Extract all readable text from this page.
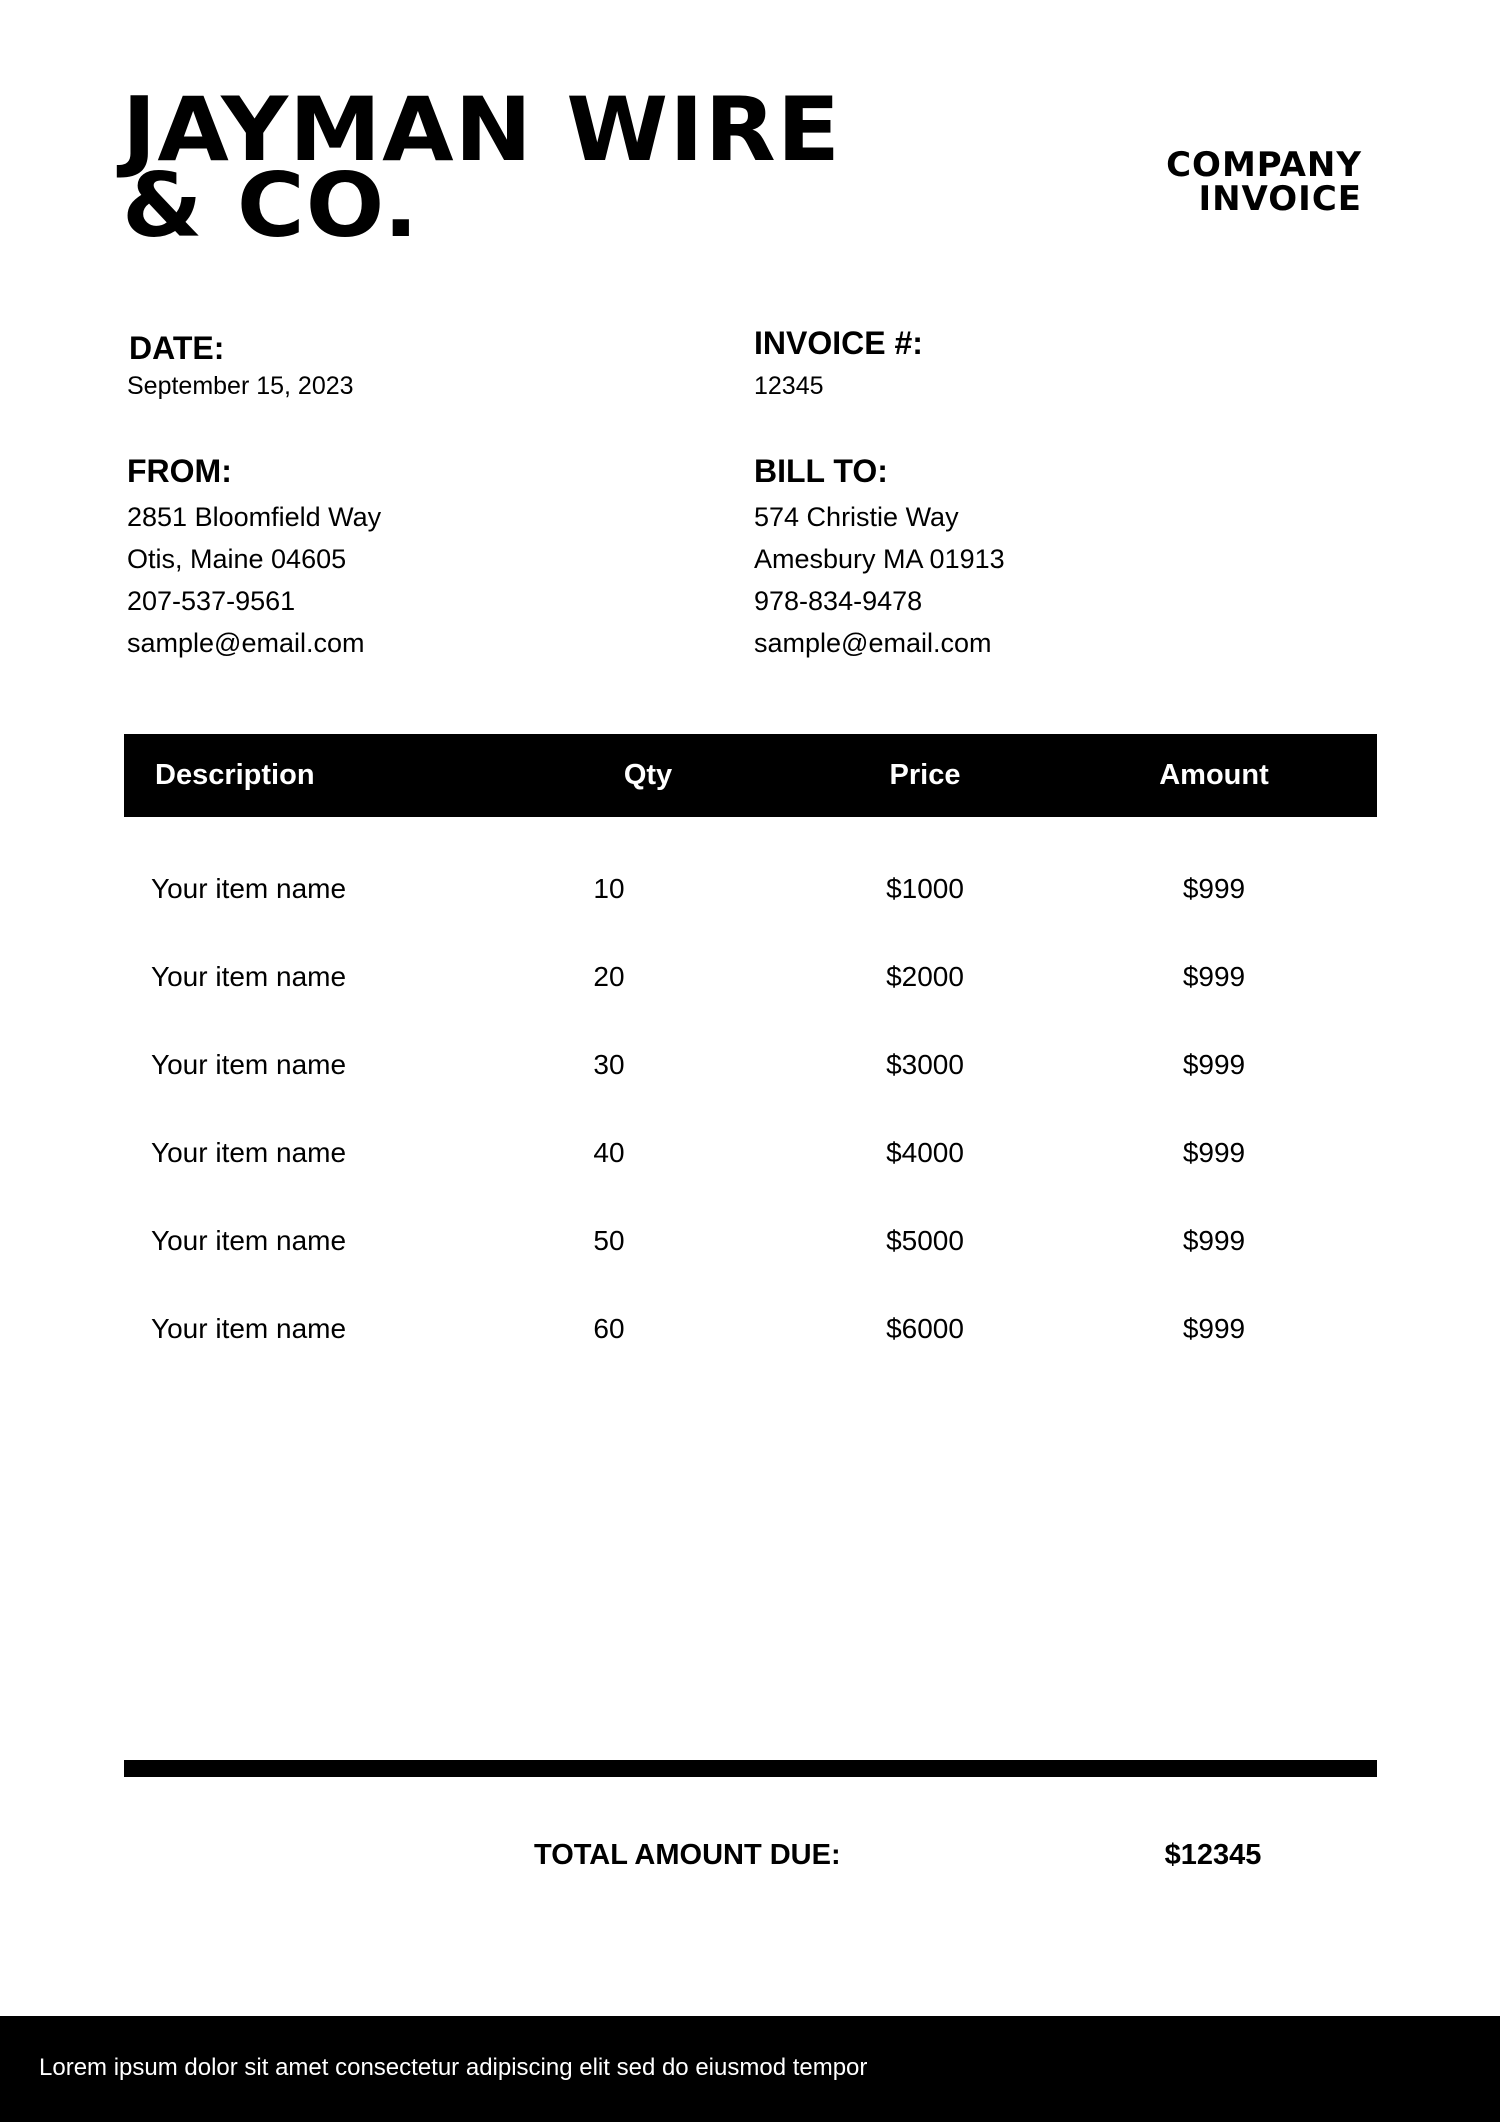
JAYMAN WIRE
& CO.	COMPANY
INVOICE
DATE:
September 15, 2023
INVOICE #:
12345
FROM:
2851 Bloomfield Way
Otis, Maine 04605
207-537-9561
sample@email.com
BILL TO:
574 Christie Way
Amesbury MA 01913
978-834-9478
sample@email.com
Description	Qty	Price	Amount
Your item name	10	$1000	$999
Your item name	20	$2000	$999
Your item name	30	$3000	$999
Your item name	40	$4000	$999
Your item name	50	$5000	$999
Your item name	60	$6000	$999
TOTAL AMOUNT DUE:	$12345
Lorem ipsum dolor sit amet consectetur adipiscing elit sed do eiusmod tempor
